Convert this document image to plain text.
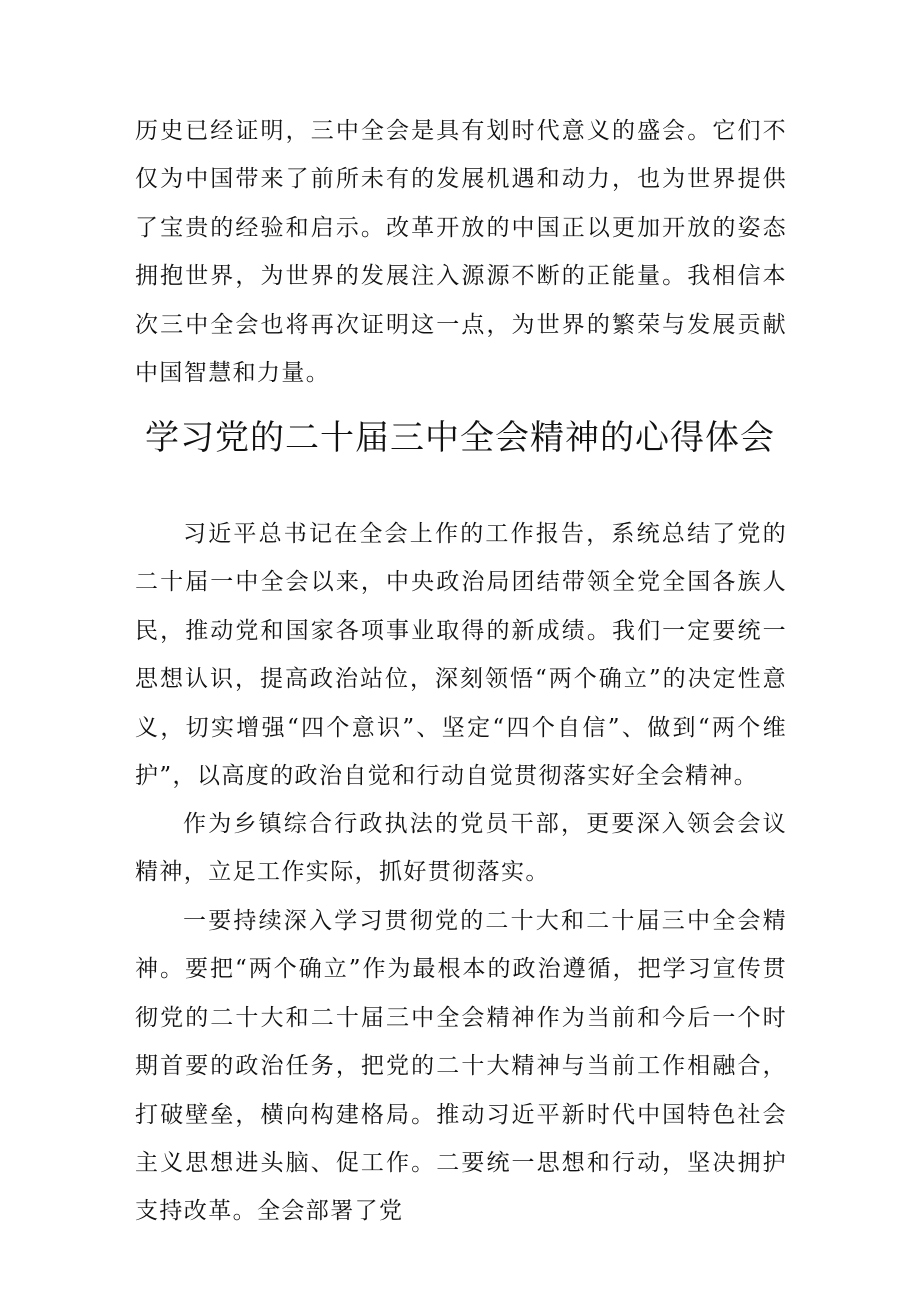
历史已经证明，三中全会是具有划时代意义的盛会。它们不仅为中国带来了前所未有的发展机遇和动力，也为世界提供了宝贵的经验和启示。改革开放的中国正以更加开放的姿态拥抱世界，为世界的发展注入源源不断的正能量。我相信本次三中全会也将再次证明这一点，为世界的繁荣与发展贡献中国智慧和力量。

学习党的二十届三中全会精神的心得体会

习近平总书记在全会上作的工作报告，系统总结了党的二十届一中全会以来，中央政治局团结带领全党全国各族人民，推动党和国家各项事业取得的新成绩。我们一定要统一思想认识，提高政治站位，深刻领悟“两个确立”的决定性意义，切实增强“四个意识”、坚定“四个自信”、做到“两个维护”，以高度的政治自觉和行动自觉贯彻落实好全会精神。

作为乡镇综合行政执法的党员干部，更要深入领会会议精神，立足工作实际，抓好贯彻落实。

一要持续深入学习贯彻党的二十大和二十届三中全会精神。要把“两个确立”作为最根本的政治遵循，把学习宣传贯彻党的二十大和二十届三中全会精神作为当前和今后一个时期首要的政治任务，把党的二十大精神与当前工作相融合，打破壁垒，横向构建格局。推动习近平新时代中国特色社会主义思想进头脑、促工作。二要统一思想和行动，坚决拥护支持改革。全会部署了党
